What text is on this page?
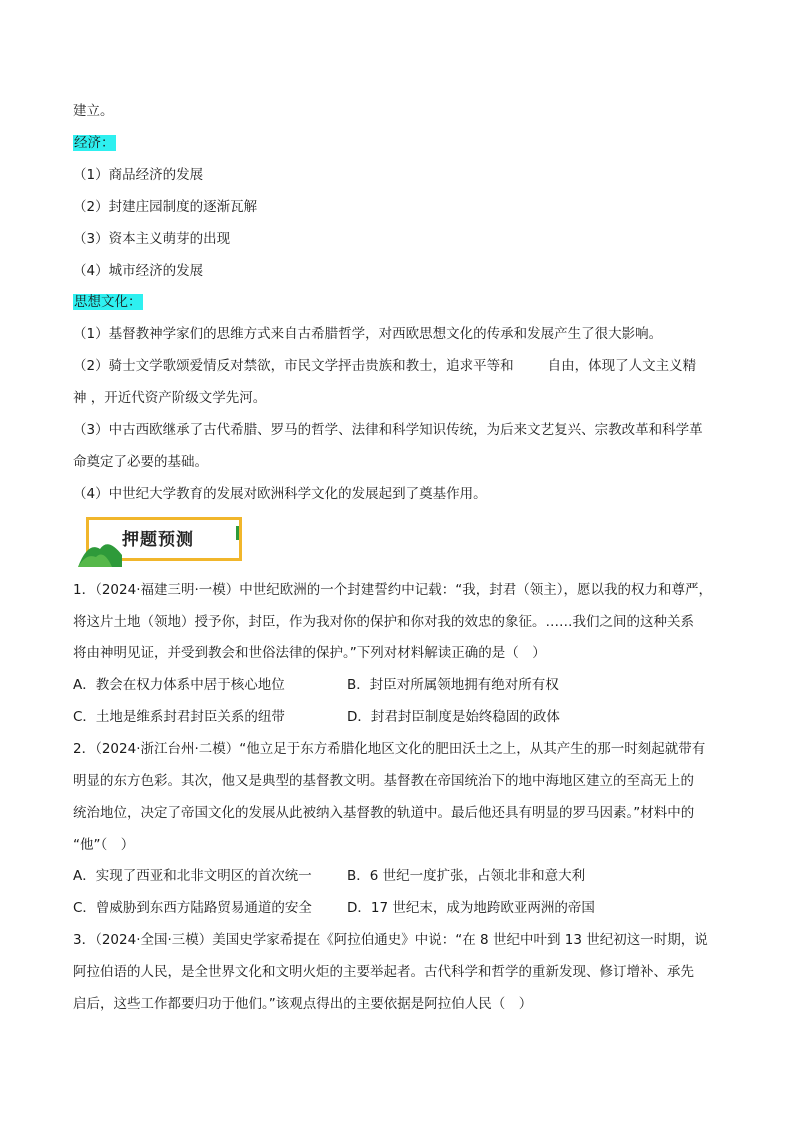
建立。
经济：
（1）商品经济的发展
（2）封建庄园制度的逐渐瓦解
（3）资本主义萌芽的出现
（4）城市经济的发展
思想文化：
（1）基督教神学家们的思维方式来自古希腊哲学，对西欧思想文化的传承和发展产生了很大影响。
（2）骑士文学歌颂爱情反对禁欲，市民文学抨击贵族和教士，追求平等和	自由，体现了人文主义精
神 ，开近代资产阶级文学先河。
（3）中古西欧继承了古代希腊、罗马的哲学、法律和科学知识传统，为后来文艺复兴、宗教改革和科学革
命奠定了必要的基础。
（4）中世纪大学教育的发展对欧洲科学文化的发展起到了奠基作用。
押题预测
1．（2024·福建三明·一模）中世纪欧洲的一个封建誓约中记载：“我，封君（领主），愿以我的权力和尊严，
将这片土地（领地）授予你，封臣，作为我对你的保护和你对我的效忠的象征。……我们之间的这种关系
将由神明见证，并受到教会和世俗法律的保护。”下列对材料解读正确的是（　）
A．教会在权力体系中居于核心地位	B．封臣对所属领地拥有绝对所有权
C．土地是维系封君封臣关系的纽带	D．封君封臣制度是始终稳固的政体
2．（2024·浙江台州·二模）“他立足于东方希腊化地区文化的肥田沃土之上，从其产生的那一时刻起就带有
明显的东方色彩。其次，他又是典型的基督教文明。基督教在帝国统治下的地中海地区建立的至高无上的
统治地位，决定了帝国文化的发展从此被纳入基督教的轨道中。最后他还具有明显的罗马因素。”材料中的
“他”（　）
A．实现了西亚和北非文明区的首次统一	B．6 世纪一度扩张，占领北非和意大利
C．曾威胁到东西方陆路贸易通道的安全	D．17 世纪末，成为地跨欧亚两洲的帝国
3．（2024·全国·三模）美国史学家希提在《阿拉伯通史》中说：“在 8 世纪中叶到 13 世纪初这一时期，说
阿拉伯语的人民，是全世界文化和文明火炬的主要举起者。古代科学和哲学的重新发现、修订增补、承先
启后，这些工作都要归功于他们。”该观点得出的主要依据是阿拉伯人民（　）
